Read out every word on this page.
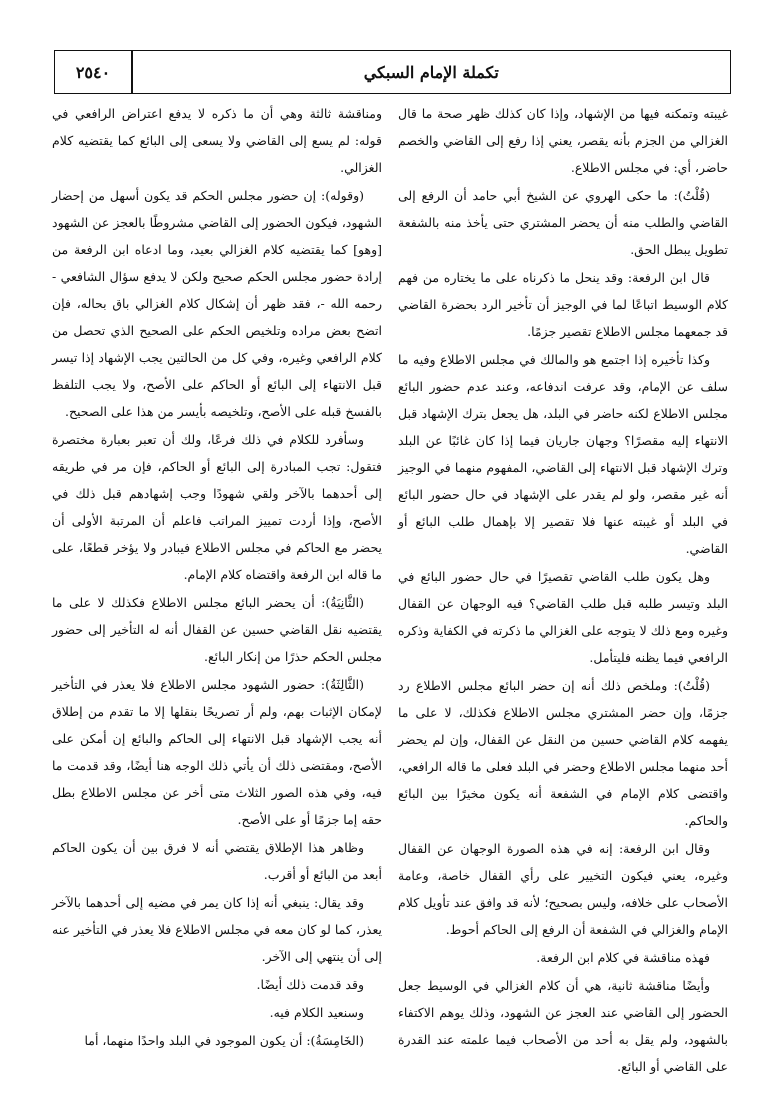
٢٥٤٠	تكملة الإمام السبكي

غيبته وتمكنه فيها من الإشهاد، وإذا كان كذلك ظهر صحة ما قال الغزالي من الجزم بأنه يقصر، يعني إذا رفع إلى القاضي والخصم حاضر، أي: في مجلس الاطلاع.

(قُلْتُ): ما حكى الهروي عن الشيخ أبي حامد أن الرفع إلى القاضي والطلب منه أن يحضر المشتري حتى يأخذ منه بالشفعة تطويل يبطل الحق.

قال ابن الرفعة: وقد ينحل ما ذكرناه على ما يختاره من فهم كلام الوسيط اتباعًا لما في الوجيز أن تأخير الرد بحضرة القاضي قد جمعهما مجلس الاطلاع تقصير جزمًا.

وكذا تأخيره إذا اجتمع هو والمالك في مجلس الاطلاع وفيه ما سلف عن الإمام، وقد عرفت اندفاعه، وعند عدم حضور البائع مجلس الاطلاع لكنه حاضر في البلد، هل يجعل بترك الإشهاد قبل الانتهاء إليه مقصرًا؟ وجهان جاريان فيما إذا كان غائبًا عن البلد وترك الإشهاد قبل الانتهاء إلى القاضي، المفهوم منهما في الوجيز أنه غير مقصر، ولو لم يقدر على الإشهاد في حال حضور البائع في البلد أو غيبته عنها فلا تقصير إلا بإهمال طلب البائع أو القاضي.

وهل يكون طلب القاضي تقصيرًا في حال حضور البائع في البلد وتيسر طلبه قبل طلب القاضي؟ فيه الوجهان عن القفال وغيره ومع ذلك لا يتوجه على الغزالي ما ذكرته في الكفاية وذكره الرافعي فيما يظنه فليتأمل.

(قُلْتُ): وملخص ذلك أنه إن حضر البائع مجلس الاطلاع رد جزمًا، وإن حضر المشتري مجلس الاطلاع فكذلك، لا على ما يفهمه كلام القاضي حسين من النقل عن القفال، وإن لم يحضر أحد منهما مجلس الاطلاع وحضر في البلد فعلى ما قاله الرافعي، واقتضى كلام الإمام في الشفعة أنه يكون مخيرًا بين البائع والحاكم.

وقال ابن الرفعة: إنه في هذه الصورة الوجهان عن القفال وغيره، يعني فيكون التخيير على رأي القفال خاصة، وعامة الأصحاب على خلافه، وليس بصحيح؛ لأنه قد وافق عند تأويل كلام الإمام والغزالي في الشفعة أن الرفع إلى الحاكم أحوط.

فهذه مناقشة في كلام ابن الرفعة.

وأيضًا مناقشة ثانية، هي أن كلام الغزالي في الوسيط جعل الحضور إلى القاضي عند العجز عن الشهود، وذلك يوهم الاكتفاء بالشهود، ولم يقل به أحد من الأصحاب فيما علمته عند القدرة على القاضي أو البائع.

ومناقشة ثالثة وهي أن ما ذكره لا يدفع اعتراض الرافعي في قوله: لم يسع إلى القاضي ولا يسعى إلى البائع كما يقتضيه كلام الغزالي.

(وقوله): إن حضور مجلس الحكم قد يكون أسهل من إحضار الشهود، فيكون الحضور إلى القاضي مشروطًا بالعجز عن الشهود [وهو] كما يقتضيه كلام الغزالي بعيد، وما ادعاه ابن الرفعة من إرادة حضور مجلس الحكم صحيح ولكن لا يدفع سؤال الشافعي - رحمه الله -، فقد ظهر أن إشكال كلام الغزالي باق بحاله، فإن اتضح بعض مراده وتلخيص الحكم على الصحيح الذي تحصل من كلام الرافعي وغيره، وفي كل من الحالتين يجب الإشهاد إذا تيسر قبل الانتهاء إلى البائع أو الحاكم على الأصح، ولا يجب التلفظ بالفسخ قبله على الأصح، وتلخيصه بأيسر من هذا على الصحيح.

وسأفرد للكلام في ذلك فرعًا، ولك أن تعبر بعبارة مختصرة فتقول: تجب المبادرة إلى البائع أو الحاكم، فإن مر في طريقه إلى أحدهما بالآخر ولقي شهودًا وجب إشهادهم قبل ذلك في الأصح، وإذا أردت تمييز المراتب فاعلم أن المرتبة الأولى أن يحضر مع الحاكم في مجلس الاطلاع فيبادر ولا يؤخر قطعًا، على ما قاله ابن الرفعة واقتضاه كلام الإمام.

(الثَّانِيَةُ): أن يحضر البائع مجلس الاطلاع فكذلك لا على ما يقتضيه نقل القاضي حسين عن القفال أنه له التأخير إلى حضور مجلس الحكم حذرًا من إنكار البائع.

(الثَّالِثَةُ): حضور الشهود مجلس الاطلاع فلا يعذر في التأخير لإمكان الإثبات بهم، ولم أر تصريحًا بنقلها إلا ما تقدم من إطلاق أنه يجب الإشهاد قبل الانتهاء إلى الحاكم والبائع إن أمكن على الأصح، ومقتضى ذلك أن يأتي ذلك الوجه هنا أيضًا، وقد قدمت ما فيه، وفي هذه الصور الثلاث متى أخر عن مجلس الاطلاع بطل حقه إما جزمًا أو على الأصح.

وظاهر هذا الإطلاق يقتضي أنه لا فرق بين أن يكون الحاكم أبعد من البائع أو أقرب.

وقد يقال: ينبغي أنه إذا كان يمر في مضيه إلى أحدهما بالآخر يعذر، كما لو كان معه في مجلس الاطلاع فلا يعذر في التأخير عنه إلى أن ينتهي إلى الآخر.

وقد قدمت ذلك أيضًا.

وسنعيد الكلام فيه.

(الخَامِسَةُ): أن يكون الموجود في البلد واحدًا منهما، أما
